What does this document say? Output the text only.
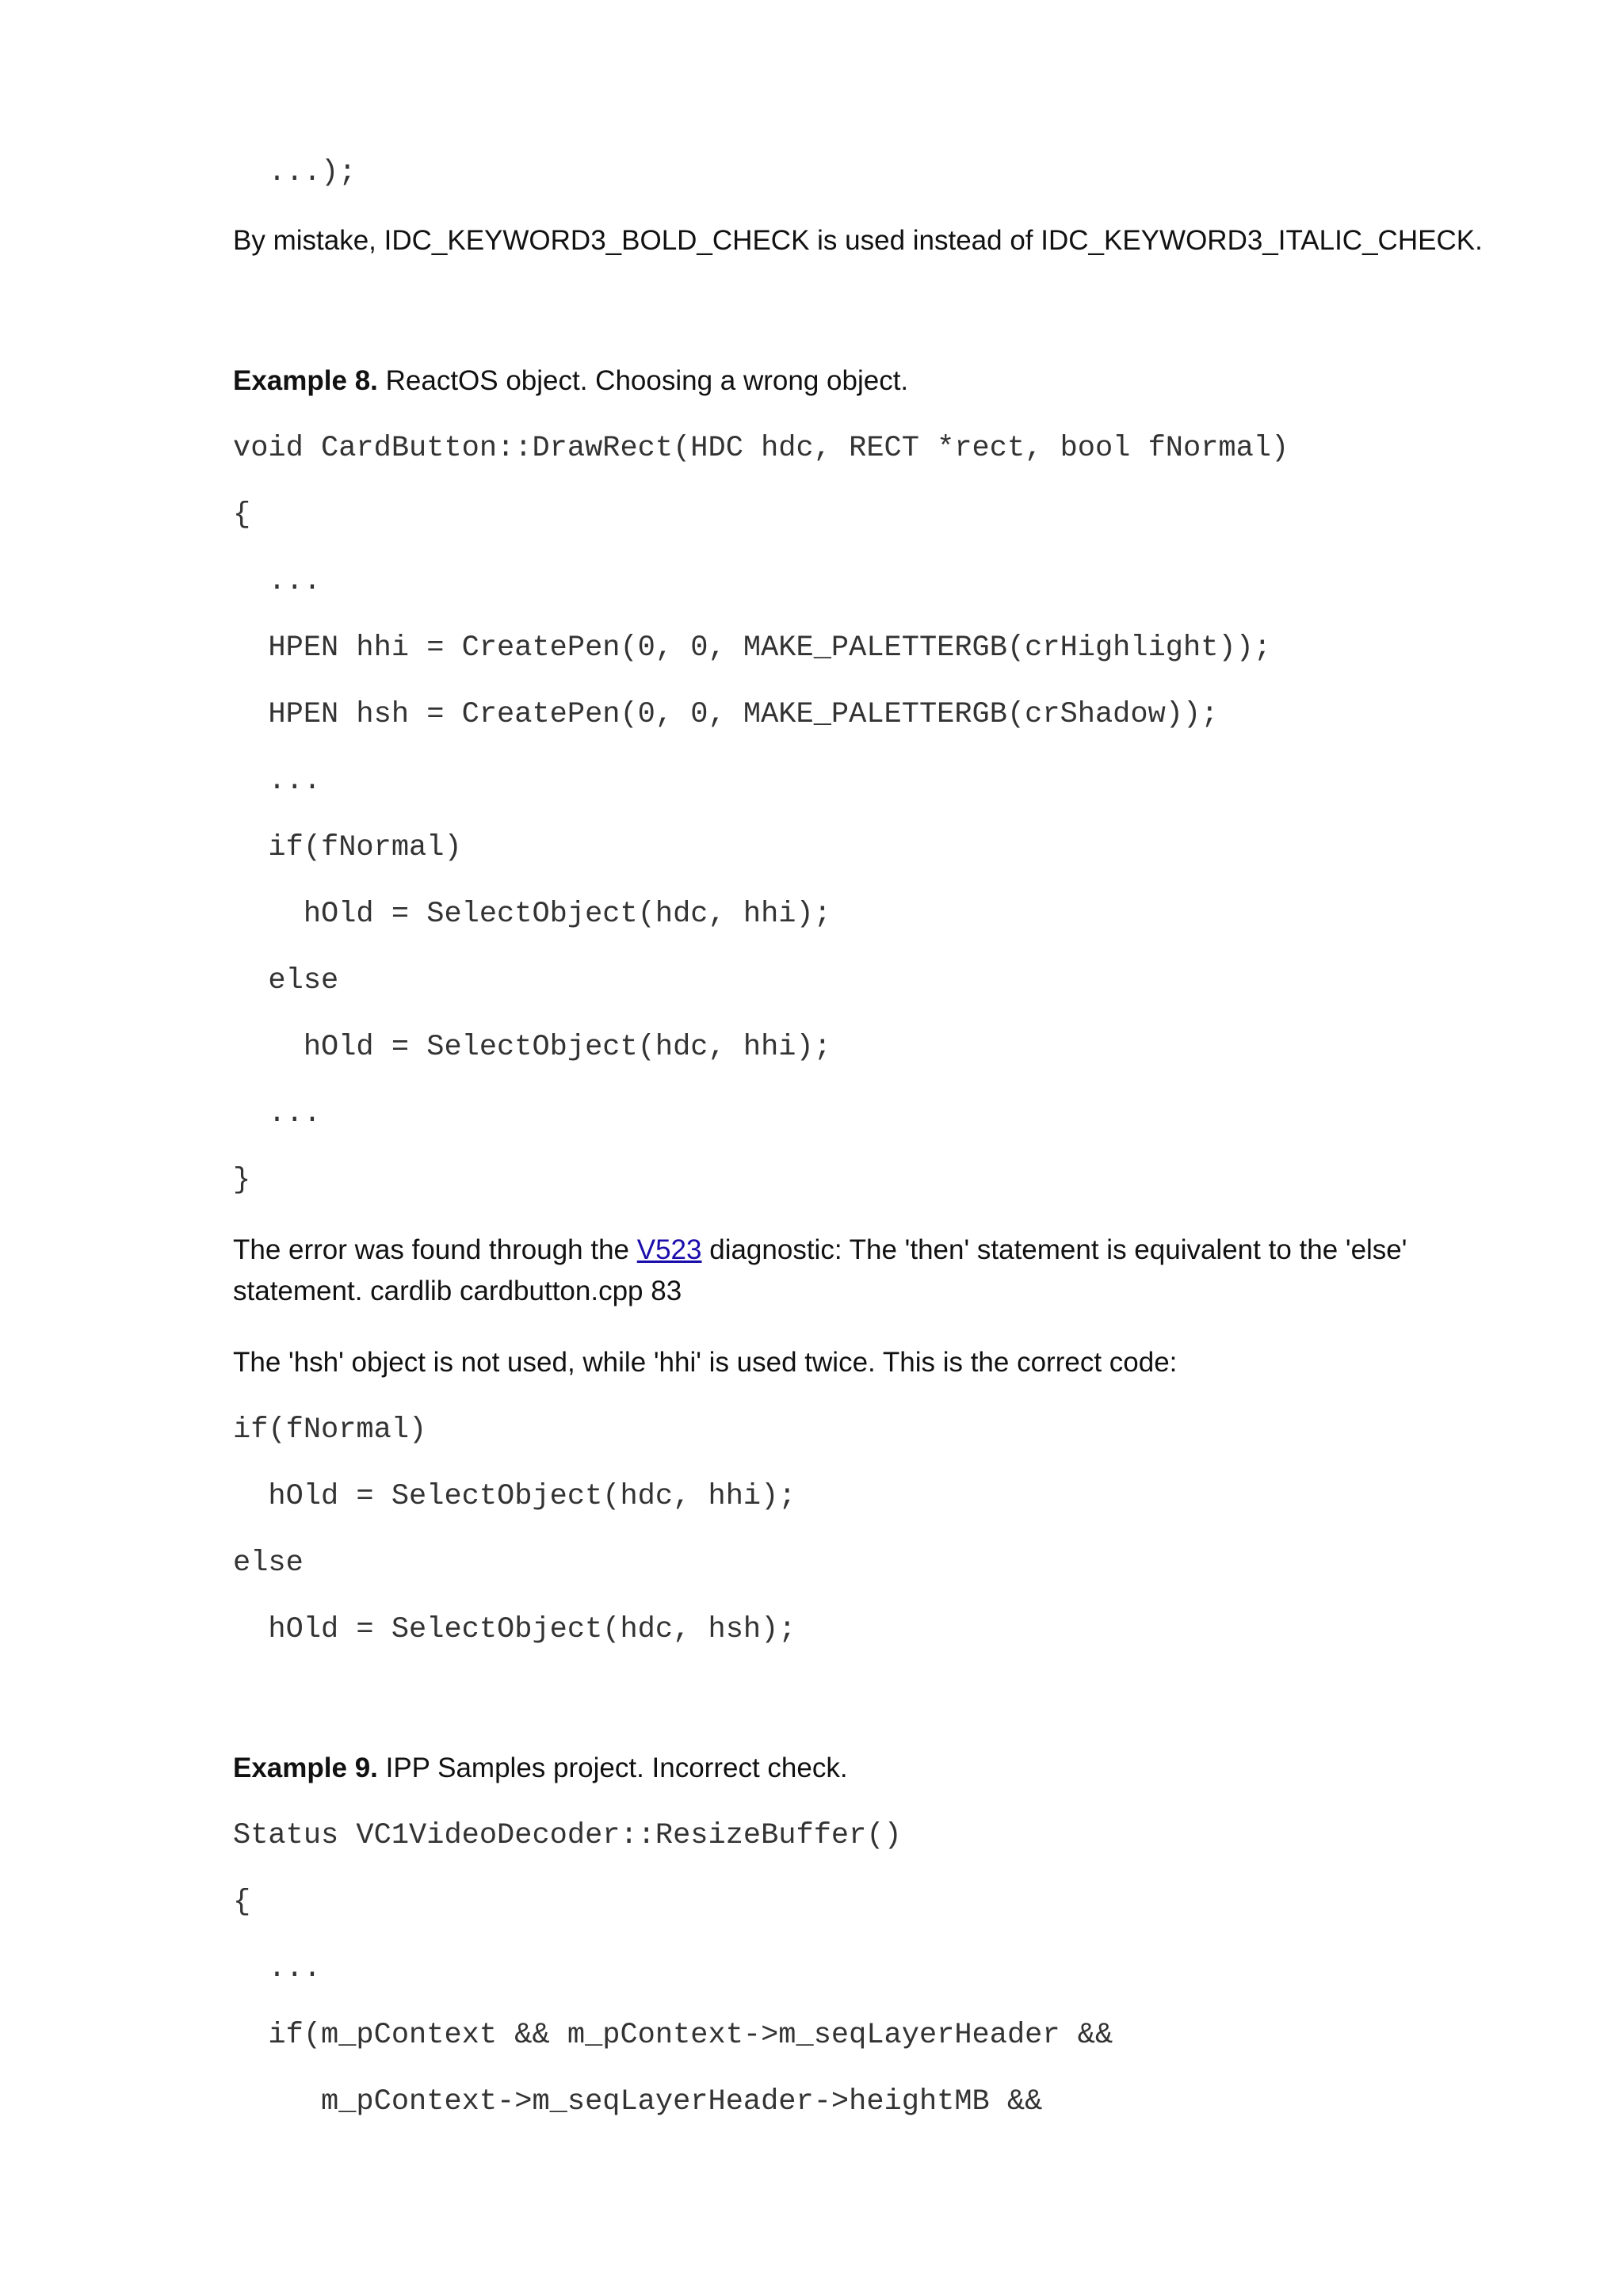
...);
By mistake, IDC_KEYWORD3_BOLD_CHECK is used instead of IDC_KEYWORD3_ITALIC_CHECK.
Example 8. ReactOS object. Choosing a wrong object.
void CardButton::DrawRect(HDC hdc, RECT *rect, bool fNormal)
{
...
HPEN hhi = CreatePen(0, 0, MAKE_PALETTERGB(crHighlight));
HPEN hsh = CreatePen(0, 0, MAKE_PALETTERGB(crShadow));
...
if(fNormal)
hOld = SelectObject(hdc, hhi);
else
hOld = SelectObject(hdc, hhi);
...
}
The error was found through the V523 diagnostic: The 'then' statement is equivalent to the 'else'
statement. cardlib cardbutton.cpp 83
The 'hsh' object is not used, while 'hhi' is used twice. This is the correct code:
if(fNormal)
hOld = SelectObject(hdc, hhi);
else
hOld = SelectObject(hdc, hsh);
Example 9. IPP Samples project. Incorrect check.
Status VC1VideoDecoder::ResizeBuffer()
{
...
if(m_pContext && m_pContext->m_seqLayerHeader &&
m_pContext->m_seqLayerHeader->heightMB &&
